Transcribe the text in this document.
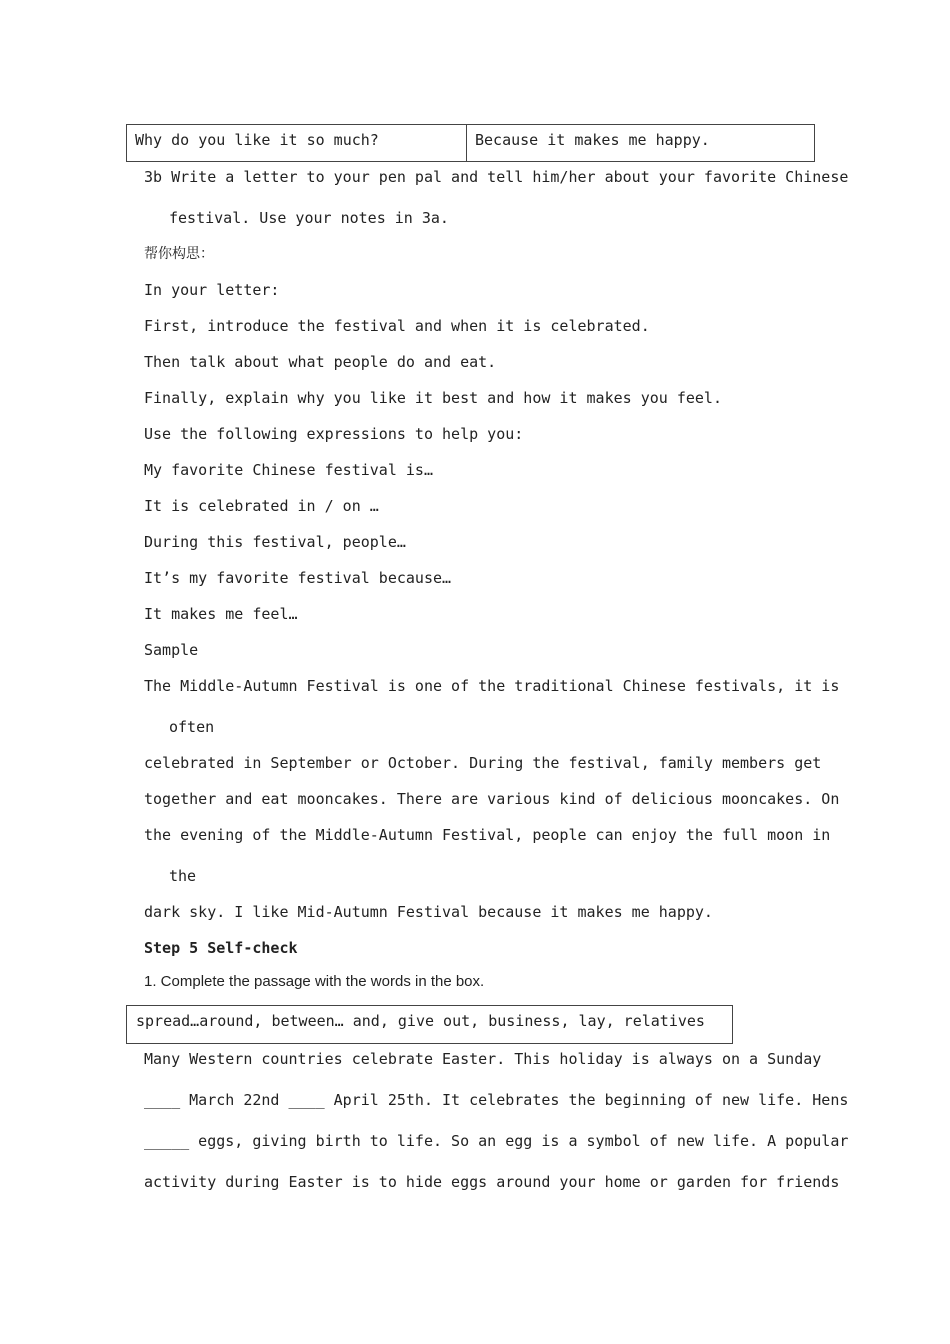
Why do you like it so much?	Because it makes me happy.
3b Write a letter to your pen pal and tell him/her about your favorite Chinese
festival. Use your notes in 3a.
帮你构思：
In your letter:
First, introduce the festival and when it is celebrated.
Then talk about what people do and eat.
Finally, explain why you like it best and how it makes you feel.
Use the following expressions to help you:
My favorite Chinese festival is…
It is celebrated in / on …
During this festival, people…
It’s my favorite festival because…
It makes me feel…
Sample
The Middle-Autumn Festival is one of the traditional Chinese festivals, it is
often
celebrated in September or October. During the festival, family members get
together and eat mooncakes. There are various kind of delicious mooncakes. On
the evening of the Middle-Autumn Festival, people can enjoy the full moon in
the
dark sky. I like Mid-Autumn Festival because it makes me happy.
Step 5 Self-check
1. Complete the passage with the words in the box.
spread…around, between… and, give out, business, lay, relatives
Many Western countries celebrate Easter. This holiday is always on a Sunday
____ March 22nd ____ April 25th. It celebrates the beginning of new life. Hens
_____ eggs, giving birth to life. So an egg is a symbol of new life. A popular
activity during Easter is to hide eggs around your home or garden for friends
